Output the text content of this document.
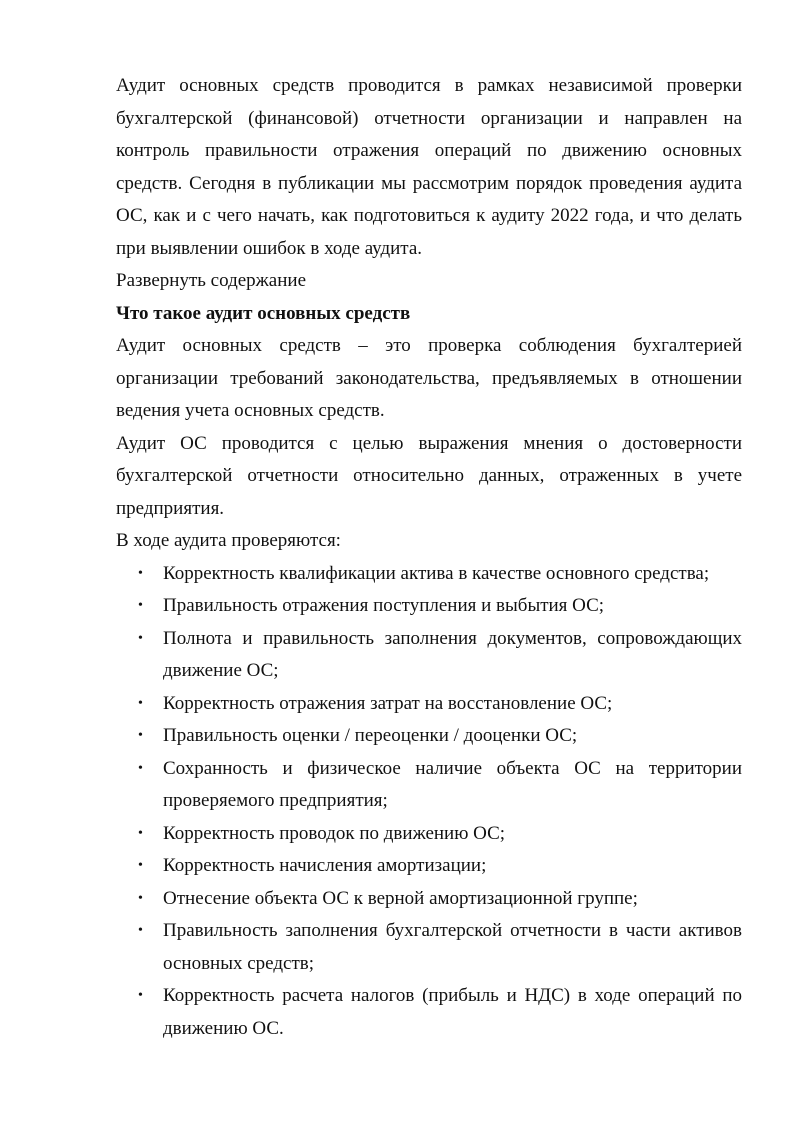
Аудит основных средств проводится в рамках независимой проверки бухгалтерской (финансовой) отчетности организации и направлен на контроль правильности отражения операций по движению основных средств. Сегодня в публикации мы рассмотрим порядок проведения аудита ОС, как и с чего начать, как подготовиться к аудиту 2022 года, и что делать при выявлении ошибок в ходе аудита.

Развернуть содержание

Что такое аудит основных средств

Аудит основных средств – это проверка соблюдения бухгалтерией организации требований законодательства, предъявляемых в отношении ведения учета основных средств.

Аудит ОС проводится с целью выражения мнения о достоверности бухгалтерской отчетности относительно данных, отраженных в учете предприятия.

В ходе аудита проверяются:

• Корректность квалификации актива в качестве основного средства;
• Правильность отражения поступления и выбытия ОС;
• Полнота и правильность заполнения документов, сопровождающих движение ОС;
• Корректность отражения затрат на восстановление ОС;
• Правильность оценки / переоценки / дооценки ОС;
• Сохранность и физическое наличие объекта ОС на территории проверяемого предприятия;
• Корректность проводок по движению ОС;
• Корректность начисления амортизации;
• Отнесение объекта ОС к верной амортизационной группе;
• Правильность заполнения бухгалтерской отчетности в части активов основных средств;
• Корректность расчета налогов (прибыль и НДС) в ходе операций по движению ОС.
